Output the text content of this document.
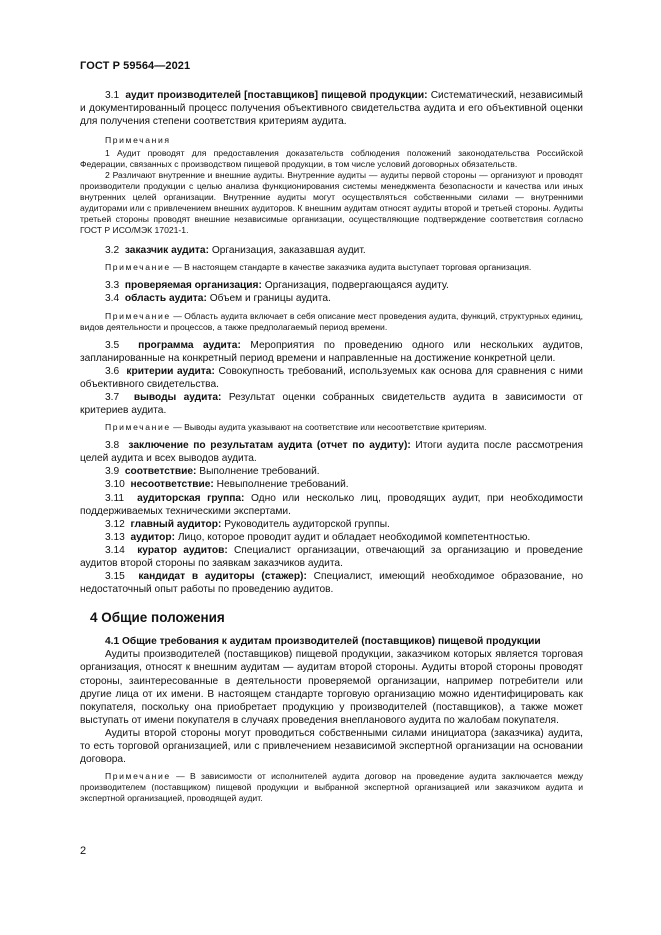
ГОСТ Р 59564—2021

3.1 аудит производителей [поставщиков] пищевой продукции: Систематический, независимый и документированный процесс получения объективного свидетельства аудита и его объективной оценки для получения степени соответствия критериям аудита.

Примечания

1 Аудит проводят для предоставления доказательств соблюдения положений законодательства Российской Федерации, связанных с производством пищевой продукции, в том числе условий договорных обязательств.

2 Различают внутренние и внешние аудиты. Внутренние аудиты — аудиты первой стороны — организуют и проводят производители продукции с целью анализа функционирования системы менеджмента безопасности и качества или иных внутренних целей организации. Внутренние аудиты могут осуществляться собственными силами — внутренними аудиторами или с привлечением внешних аудиторов. К внешним аудитам относят аудиты второй и третьей стороны. Аудиты третьей стороны проводят внешние независимые организации, осуществляющие подтверждение соответствия согласно ГОСТ Р ИСО/МЭК 17021-1.

3.2 заказчик аудита: Организация, заказавшая аудит.

Примечание — В настоящем стандарте в качестве заказчика аудита выступает торговая организация.

3.3 проверяемая организация: Организация, подвергающаяся аудиту.

3.4 область аудита: Объем и границы аудита.

Примечание — Область аудита включает в себя описание мест проведения аудита, функций, структурных единиц, видов деятельности и процессов, а также предполагаемый период времени.

3.5 программа аудита: Мероприятия по проведению одного или нескольких аудитов, запланированные на конкретный период времени и направленные на достижение конкретной цели.

3.6 критерии аудита: Совокупность требований, используемых как основа для сравнения с ними объективного свидетельства.

3.7 выводы аудита: Результат оценки собранных свидетельств аудита в зависимости от критериев аудита.

Примечание — Выводы аудита указывают на соответствие или несоответствие критериям.

3.8 заключение по результатам аудита (отчет по аудиту): Итоги аудита после рассмотрения целей аудита и всех выводов аудита.

3.9 соответствие: Выполнение требований.

3.10 несоответствие: Невыполнение требований.

3.11 аудиторская группа: Одно или несколько лиц, проводящих аудит, при необходимости поддерживаемых техническими экспертами.

3.12 главный аудитор: Руководитель аудиторской группы.

3.13 аудитор: Лицо, которое проводит аудит и обладает необходимой компетентностью.

3.14 куратор аудитов: Специалист организации, отвечающий за организацию и проведение аудитов второй стороны по заявкам заказчиков аудита.

3.15 кандидат в аудиторы (стажер): Специалист, имеющий необходимое образование, но недостаточный опыт работы по проведению аудитов.

4 Общие положения

4.1 Общие требования к аудитам производителей (поставщиков) пищевой продукции

Аудиты производителей (поставщиков) пищевой продукции, заказчиком которых является торговая организация, относят к внешним аудитам — аудитам второй стороны. Аудиты второй стороны проводят стороны, заинтересованные в деятельности проверяемой организации, например потребители или другие лица от их имени. В настоящем стандарте торговую организацию можно идентифицировать как покупателя, поскольку она приобретает продукцию у производителей (поставщиков), а также может выступать от имени покупателя в случаях проведения внепланового аудита по жалобам покупателя.

Аудиты второй стороны могут проводиться собственными силами инициатора (заказчика) аудита, то есть торговой организацией, или с привлечением независимой экспертной организации на основании договора.

Примечание — В зависимости от исполнителей аудита договор на проведение аудита заключается между производителем (поставщиком) пищевой продукции и выбранной экспертной организацией или заказчиком аудита и экспертной организацией, проводящей аудит.

2
